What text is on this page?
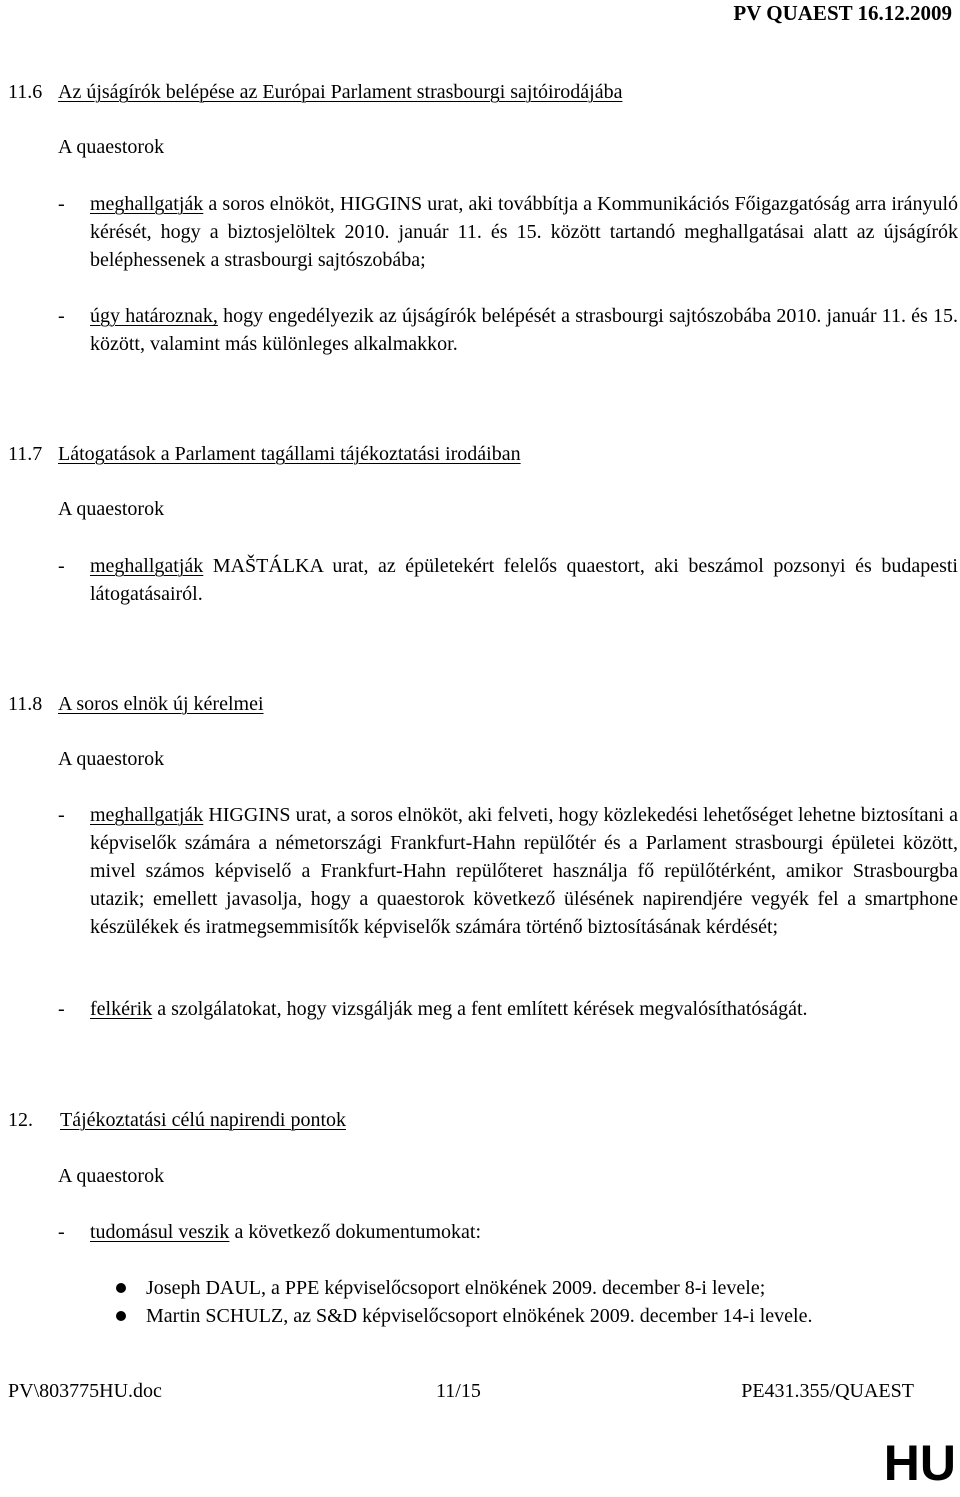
PV QUAEST 16.12.2009
11.6 Az újságírók belépése az Európai Parlament strasbourgi sajtóirodájába
A quaestorok
- meghallgatják a soros elnököt, HIGGINS urat, aki továbbítja a Kommunikációs Főigazgatóság arra irányuló kérését, hogy a biztosjelöltek 2010. január 11. és 15. között tartandó meghallgatásai alatt az újságírók beléphessenek a strasbourgi sajtószobába;
- úgy határoznak, hogy engedélyezik az újságírók belépését a strasbourgi sajtószobába 2010. január 11. és 15. között, valamint más különleges alkalmakkor.
11.7 Látogatások a Parlament tagállami tájékoztatási irodáiban
A quaestorok
- meghallgatják MAŠTÁLKA urat, az épületekért felelős quaestort, aki beszámol pozsonyi és budapesti látogatásairól.
11.8 A soros elnök új kérelmei
A quaestorok
- meghallgatják HIGGINS urat, a soros elnököt, aki felveti, hogy közlekedési lehetőséget lehetne biztosítani a képviselők számára a németországi Frankfurt-Hahn repülőtér és a Parlament strasbourgi épületei között, mivel számos képviselő a Frankfurt-Hahn repülőteret használja fő repülőtérként, amikor Strasbourgba utazik; emellett javasolja, hogy a quaestorok következő ülésének napirendjére vegyék fel a smartphone készülékek és iratmegsemmisítők képviselők számára történő biztosításának kérdését;
- felkérik a szolgálatokat, hogy vizsgálják meg a fent említett kérések megvalósíthatóságát.
12. Tájékoztatási célú napirendi pontok
A quaestorok
- tudomásul veszik a következő dokumentumokat:
Joseph DAUL, a PPE képviselőcsoport elnökének 2009. december 8-i levele;
Martin SCHULZ, az S&D képviselőcsoport elnökének 2009. december 14-i levele.
PV\803775HU.doc	11/15	PE431.355/QUAEST
HU
